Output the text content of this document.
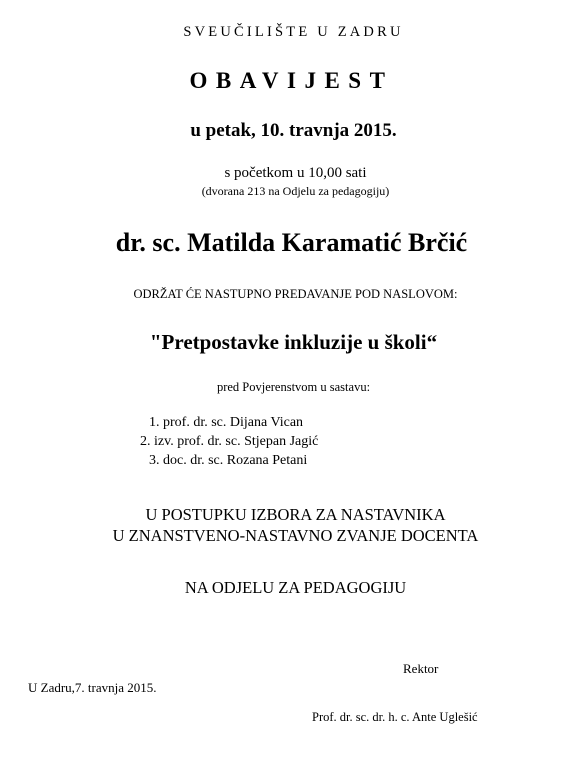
SVEUČILIŠTE U ZADRU
OBAVIJEST
u petak, 10. travnja 2015.
s početkom u 10,00 sati
(dvorana 213 na Odjelu za pedagogiju)
dr. sc. Matilda Karamatić Brčić
ODRŽAT ĆE NASTUPNO PREDAVANJE POD NASLOVOM:
"Pretpostavke inkluzije u školi“
pred Povjerenstvom u sastavu:
1. prof. dr. sc. Dijana Vican
2. izv. prof. dr. sc. Stjepan Jagić
3. doc. dr. sc. Rozana Petani
U POSTUPKU IZBORA ZA NASTAVNIKA
U ZNANSTVENO-NASTAVNO ZVANJE DOCENTA
NA ODJELU ZA PEDAGOGIJU
Rektor
U Zadru,7. travnja 2015.
Prof. dr. sc. dr. h. c. Ante Uglešić
